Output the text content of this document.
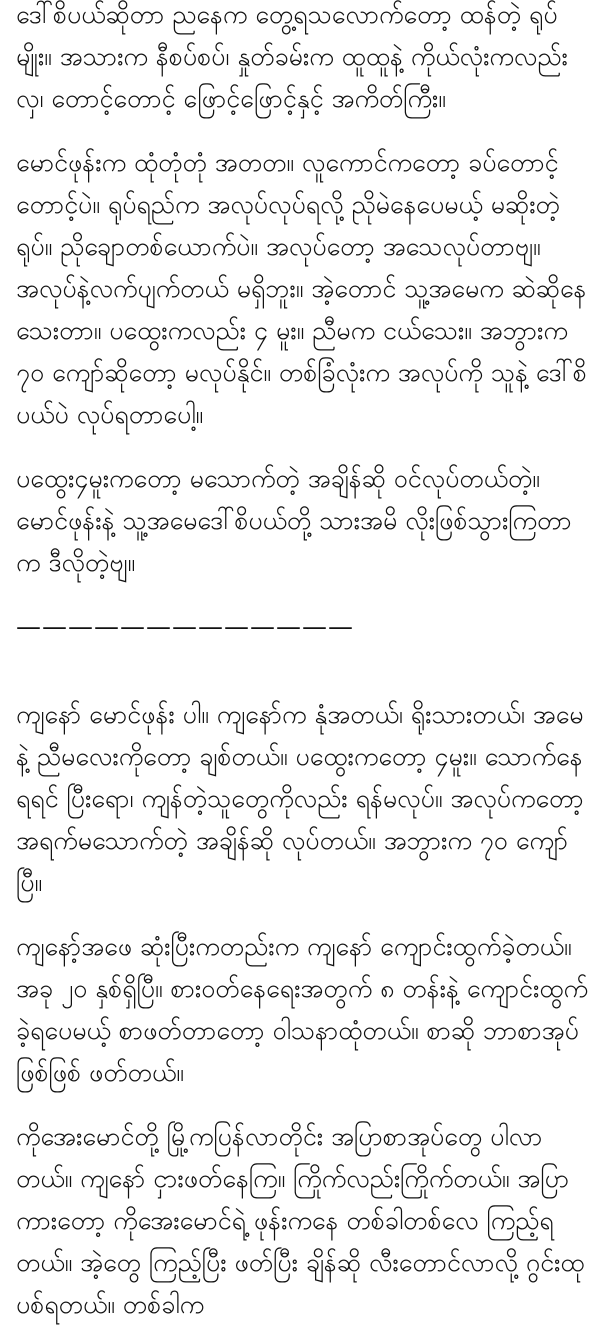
ဒေါ်စိပယ်ဆိုတာ ညနေက တွေ့ရသလောက်တော့ ထန်တဲ့ ရုပ်မျိုး။ အသားက နီစပ်စပ်၊ နှုတ်ခမ်းက ထူထူနဲ့ ကိုယ်လုံးကလည်းလှ၊ တောင့်တောင့် ဖြောင့်ဖြောင့်နှင့် အကိတ်ကြီး။

မောင်ဖုန်းက ထုံတုံတုံ အတတ။ လူကောင်ကတော့ ခပ်တောင့်တောင့်ပဲ။ ရုပ်ရည်က အလုပ်လုပ်ရလို့ ညိုမဲနေပေမယ့် မဆိုးတဲ့ရုပ်။ ညိုချောတစ်ယောက်ပဲ။ အလုပ်တော့ အသေလုပ်တာဗျ။ အလုပ်နဲ့လက်ပျက်တယ် မရှိဘူး။ အဲ့တောင် သူ့အမေက ဆဲဆိုနေသေးတာ။ ပထွေးကလည်း ၄ မူး။ ညီမက ငယ်သေး။ အဘွားက ၇၀ ကျော်ဆိုတော့ မလုပ်နိုင်။ တစ်ခြံလုံးက အလုပ်ကို သူနဲ့ ဒေါ်စိပယ်ပဲ လုပ်ရတာပေါ့။

ပထွေး၄မူးကတော့ မသောက်တဲ့ အချိန်ဆို ဝင်လုပ်တယ်တဲ့။ မောင်ဖုန်းနဲ့ သူ့အမေဒေါ်စိပယ်တို့ သားအမိ လိုးဖြစ်သွားကြတာက ဒီလိုတဲ့ဗျ။

—————————————

ကျနော် မောင်ဖုန်း ပါ။ ကျနော်က နုံအတယ်၊ ရိုးသားတယ်၊ အမေနဲ့ ညီမလေးကိုတော့ ချစ်တယ်။ ပထွေးကတော့ ၄မူး။ သောက်နေရရင် ပြီးရော၊ ကျန်တဲ့သူတွေကိုလည်း ရန်မလုပ်။ အလုပ်ကတော့ အရက်မသောက်တဲ့ အချိန်ဆို လုပ်တယ်။ အဘွားက ၇၀ ကျော်ပြီ။

ကျနော့်အဖေ ဆုံးပြီးကတည်းက ကျနော် ကျောင်းထွက်ခဲ့တယ်။ အခု ၂၀ နှစ်ရှိပြီ။ စားဝတ်နေရေးအတွက် ၈ တန်းနဲ့ ကျောင်းထွက်ခဲ့ရပေမယ့် စာဖတ်တာတော့ ဝါသနာထုံတယ်။ စာဆို ဘာစာအုပ်ဖြစ်ဖြစ် ဖတ်တယ်။

ကိုအေးမောင်တို့ မြို့ကပြန်လာတိုင်း အပြာစာအုပ်တွေ ပါလာတယ်။ ကျနော် ငှားဖတ်နေကြ။ ကြိုက်လည်းကြိုက်တယ်။ အပြာကားတော့ ကိုအေးမောင်ရဲ့ ဖုန်းကနေ တစ်ခါတစ်လေ ကြည့်ရတယ်။ အဲ့တွေ ကြည့်ပြီး ဖတ်ပြီး ချိန်ဆို လီးတောင်လာလို့ ဂွင်းထုပစ်ရတယ်။ တစ်ခါက
